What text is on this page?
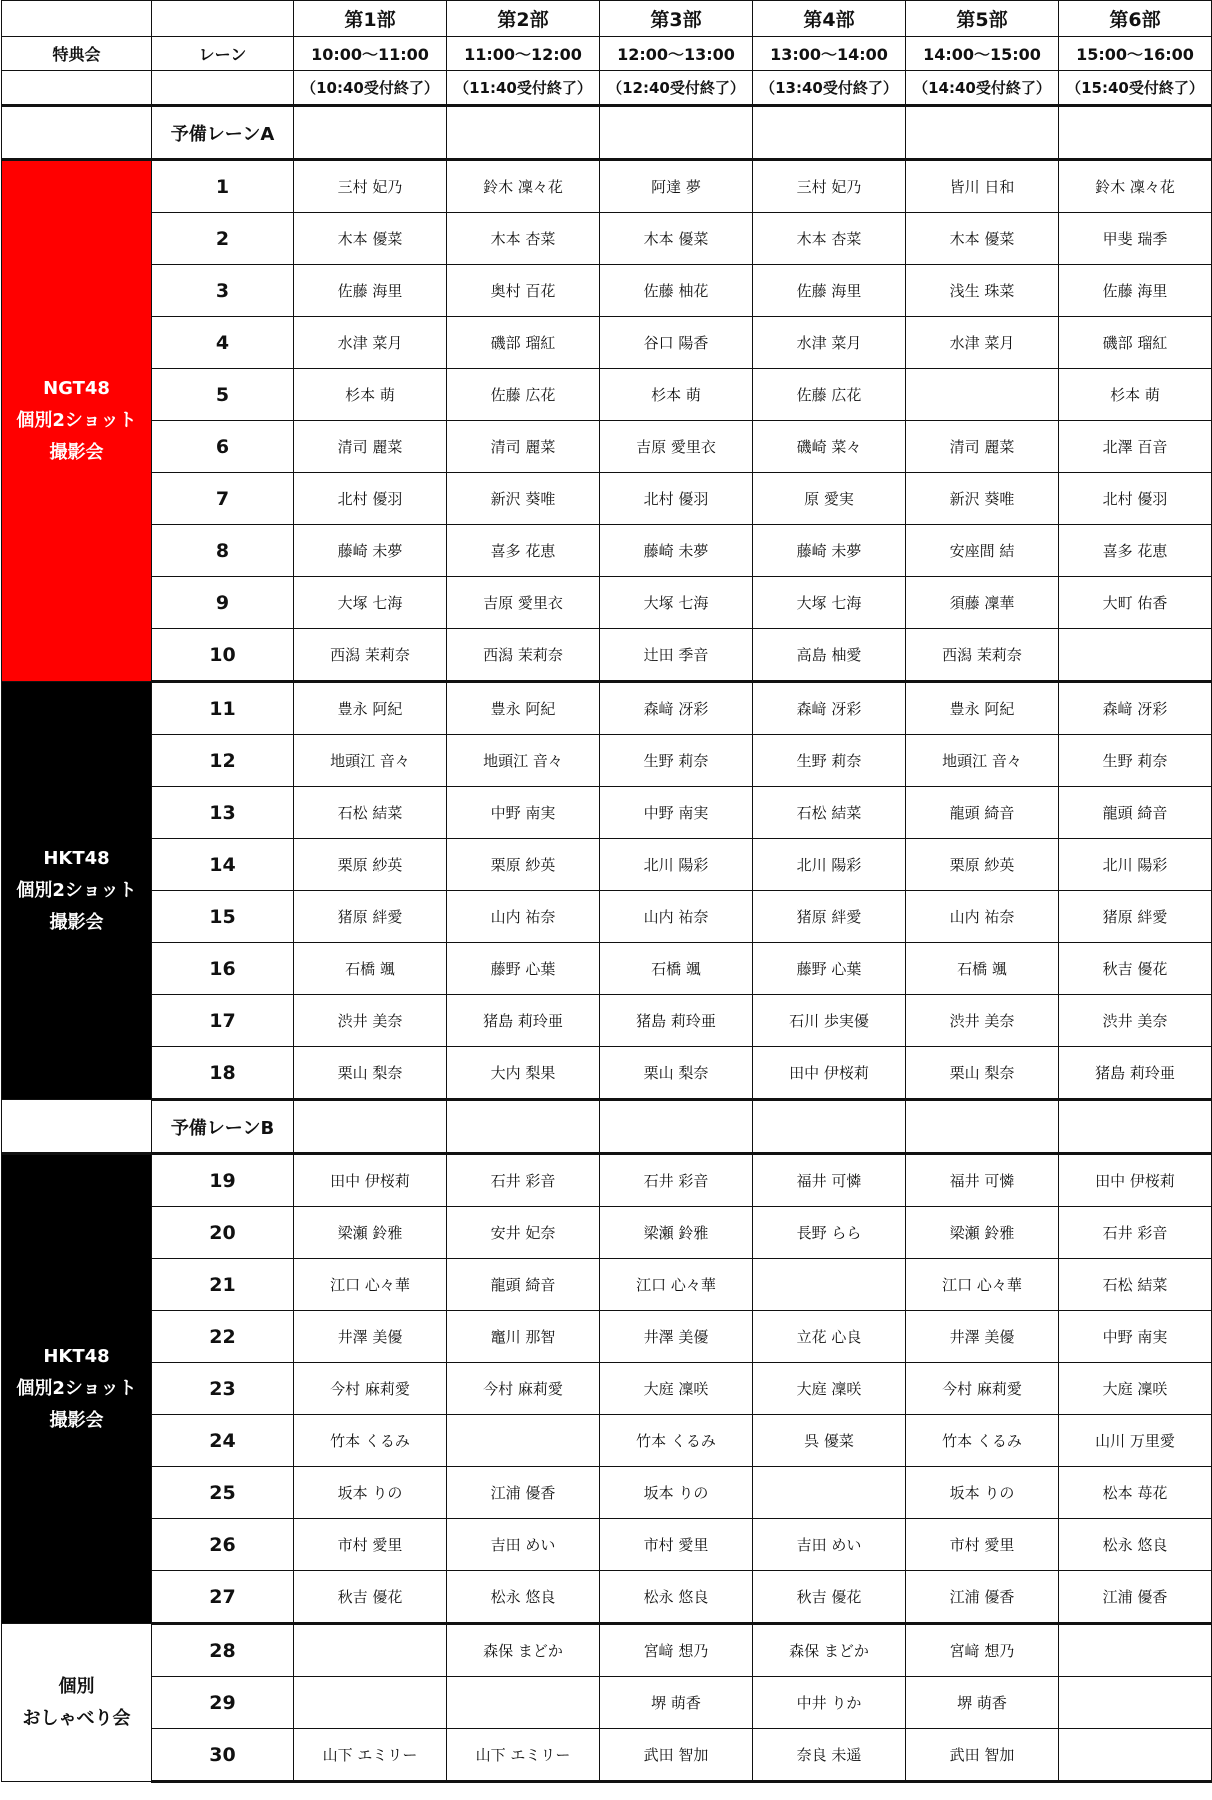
		第1部	第2部	第3部	第4部	第5部	第6部
特典会	レーン	10:00～11:00	11:00～12:00	12:00～13:00	13:00～14:00	14:00～15:00	15:00～16:00
		（10:40受付終了）	（11:40受付終了）	（12:40受付終了）	（13:40受付終了）	（14:40受付終了）	（15:40受付終了）
	予備レーンA						

NGT48
個別2ショット
撮影会	1	三村 妃乃	鈴木 凜々花	阿達 夢	三村 妃乃	皆川 日和	鈴木 凜々花
	2	木本 優菜	木本 杏菜	木本 優菜	木本 杏菜	木本 優菜	甲斐 瑞季
	3	佐藤 海里	奥村 百花	佐藤 柚花	佐藤 海里	浅生 珠菜	佐藤 海里
	4	水津 菜月	磯部 瑠紅	谷口 陽香	水津 菜月	水津 菜月	磯部 瑠紅
	5	杉本 萌	佐藤 広花	杉本 萌	佐藤 広花		杉本 萌
	6	清司 麗菜	清司 麗菜	吉原 愛里衣	磯崎 菜々	清司 麗菜	北澤 百音
	7	北村 優羽	新沢 葵唯	北村 優羽	原 愛実	新沢 葵唯	北村 優羽
	8	藤崎 未夢	喜多 花恵	藤崎 未夢	藤崎 未夢	安座間 結	喜多 花恵
	9	大塚 七海	吉原 愛里衣	大塚 七海	大塚 七海	須藤 凜華	大町 佑香
	10	西潟 茉莉奈	西潟 茉莉奈	辻田 季音	高島 柚愛	西潟 茉莉奈	

HKT48
個別2ショット
撮影会	11	豊永 阿紀	豊永 阿紀	森﨑 冴彩	森﨑 冴彩	豊永 阿紀	森﨑 冴彩
	12	地頭江 音々	地頭江 音々	生野 莉奈	生野 莉奈	地頭江 音々	生野 莉奈
	13	石松 結菜	中野 南実	中野 南実	石松 結菜	龍頭 綺音	龍頭 綺音
	14	栗原 紗英	栗原 紗英	北川 陽彩	北川 陽彩	栗原 紗英	北川 陽彩
	15	猪原 絆愛	山内 祐奈	山内 祐奈	猪原 絆愛	山内 祐奈	猪原 絆愛
	16	石橋 颯	藤野 心葉	石橋 颯	藤野 心葉	石橋 颯	秋吉 優花
	17	渋井 美奈	猪島 莉玲亜	猪島 莉玲亜	石川 歩実優	渋井 美奈	渋井 美奈
	18	栗山 梨奈	大内 梨果	栗山 梨奈	田中 伊桜莉	栗山 梨奈	猪島 莉玲亜
	予備レーンB						

HKT48
個別2ショット
撮影会	19	田中 伊桜莉	石井 彩音	石井 彩音	福井 可憐	福井 可憐	田中 伊桜莉
	20	梁瀬 鈴雅	安井 妃奈	梁瀬 鈴雅	長野 らら	梁瀬 鈴雅	石井 彩音
	21	江口 心々華	龍頭 綺音	江口 心々華		江口 心々華	石松 結菜
	22	井澤 美優	竈川 那智	井澤 美優	立花 心良	井澤 美優	中野 南実
	23	今村 麻莉愛	今村 麻莉愛	大庭 凜咲	大庭 凜咲	今村 麻莉愛	大庭 凜咲
	24	竹本 くるみ		竹本 くるみ	呉 優菜	竹本 くるみ	山川 万里愛
	25	坂本 りの	江浦 優香	坂本 りの		坂本 りの	松本 苺花
	26	市村 愛里	吉田 めい	市村 愛里	吉田 めい	市村 愛里	松永 悠良
	27	秋吉 優花	松永 悠良	松永 悠良	秋吉 優花	江浦 優香	江浦 優香

個別
おしゃべり会	28		森保 まどか	宮﨑 想乃	森保 まどか	宮﨑 想乃	
	29			堺 萌香	中井 りか	堺 萌香	
	30	山下 エミリー	山下 エミリー	武田 智加	奈良 未遥	武田 智加	
